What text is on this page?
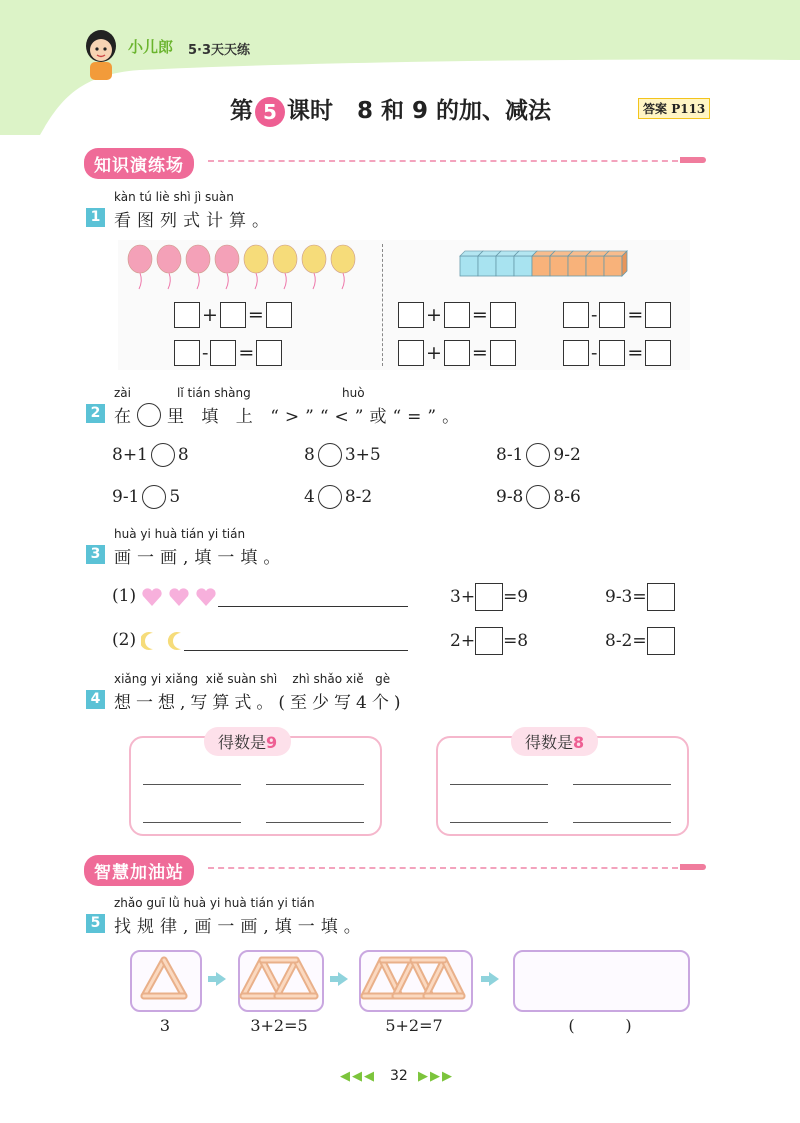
小儿郎 5·3天天练
第 5 课时 8 和 9 的加、减法	答案 P113
知识演练场
kàn tú liè shì jì suàn
1 看图列式计算。
+ =
- =
+ =	- =
+ =	- =
zài	lǐ tián shàng	huò
2 在 里 填 上 “>”“<”或“=”。
8+1 8	8 3+5	8-1 9-2
9-1 5	4 8-2	9-8 8-6
huà yi huà tián yi tián
3 画一画,填一填。
(1)	3+ =9	9-3=
(2)	2+ =8	8-2=
xiǎng yi xiǎng  xiě suàn shì    zhì shǎo xiě   gè
4 想一想,写算式。(至少写4个)
得数是9	得数是8
智慧加油站
zhǎo guī lǜ huà yi huà tián yi tián
5 找规律,画一画,填一填。
3	3+2=5	5+2=7	(          )
◀◀◀ 32 ▶▶▶
